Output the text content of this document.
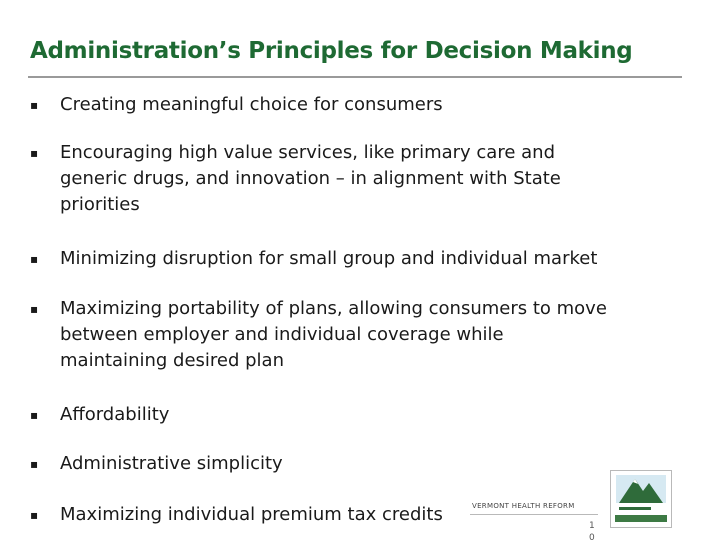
Administration’s Principles for Decision Making
▪	Creating meaningful choice for consumers
▪	Encouraging high value services, like primary care and
generic drugs, and innovation – in alignment with State
priorities
▪	Minimizing disruption for small group and individual market
▪	Maximizing portability of plans, allowing consumers to move
between employer and individual coverage while
maintaining desired plan
▪	Affordability
▪	Administrative simplicity
▪	Maximizing individual premium tax credits	VERMONT HEALTH REFORM
10
